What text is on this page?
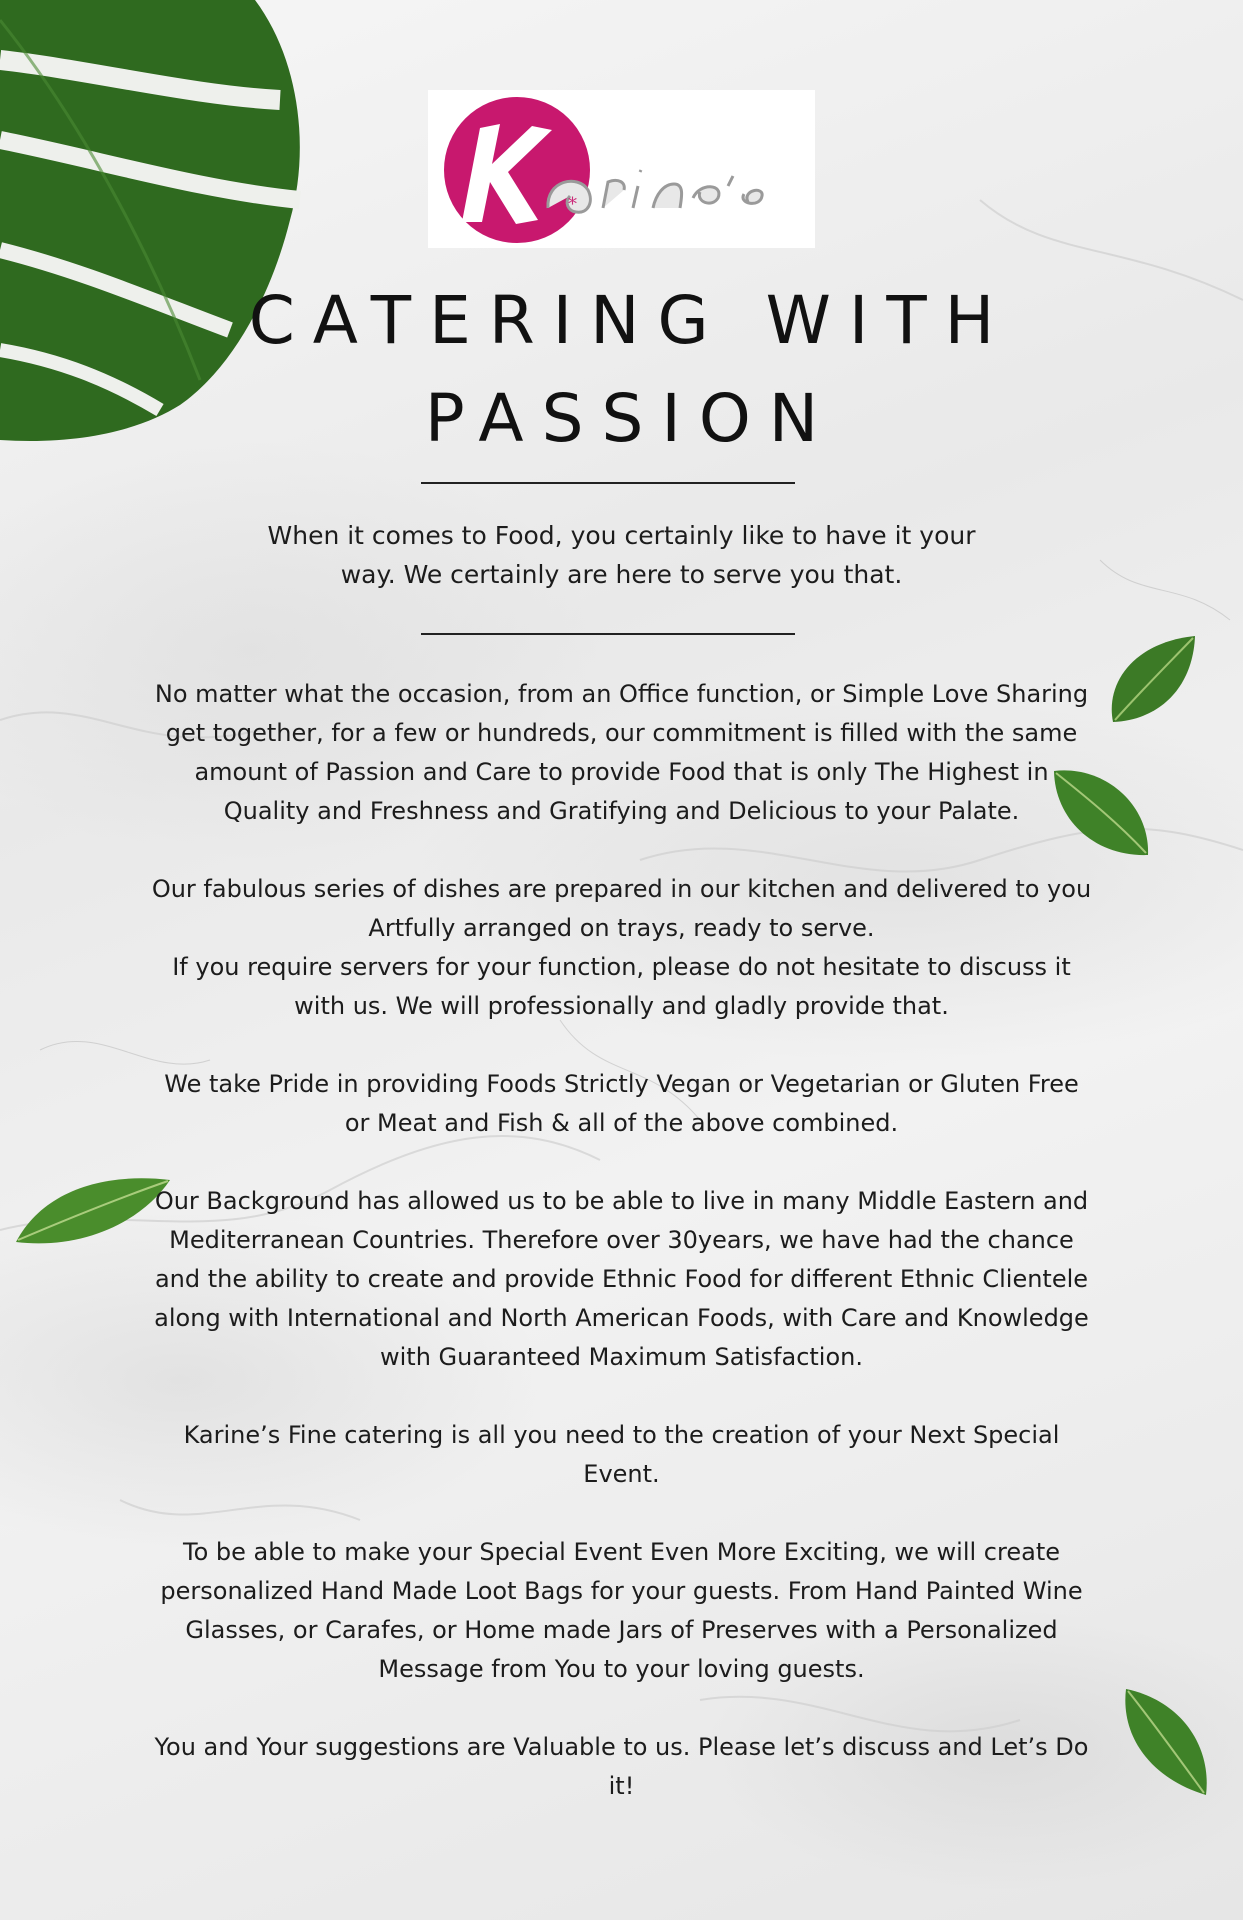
*
CATERING WITH
PASSION
When it comes to Food, you certainly like to have it your way. We certainly are here to serve you that.

No matter what the occasion, from an Office function, or Simple Love Sharing get together, for a few or hundreds, our commitment is filled with the same amount of Passion and Care to provide Food that is only The Highest in Quality and Freshness and Gratifying and Delicious to your Palate.

Our fabulous series of dishes are prepared in our kitchen and delivered to you Artfully arranged on trays, ready to serve.

If you require servers for your function, please do not hesitate to discuss it with us. We will professionally and gladly provide that.

We take Pride in providing Foods Strictly Vegan or Vegetarian or Gluten Free or Meat and Fish & all of the above combined.

Our Background has allowed us to be able to live in many Middle Eastern and Mediterranean Countries. Therefore over 30years, we have had the chance and the ability to create and provide Ethnic Food for different Ethnic Clientele along with International and North American Foods, with Care and Knowledge with Guaranteed Maximum Satisfaction.

Karine’s Fine catering is all you need to the creation of your Next Special Event.

To be able to make your Special Event Even More Exciting, we will create personalized Hand Made Loot Bags for your guests. From Hand Painted Wine Glasses, or Carafes, or Home made Jars of Preserves with a Personalized Message from You to your loving guests.

You and Your suggestions are Valuable to us. Please let’s discuss and Let’s Do it!
